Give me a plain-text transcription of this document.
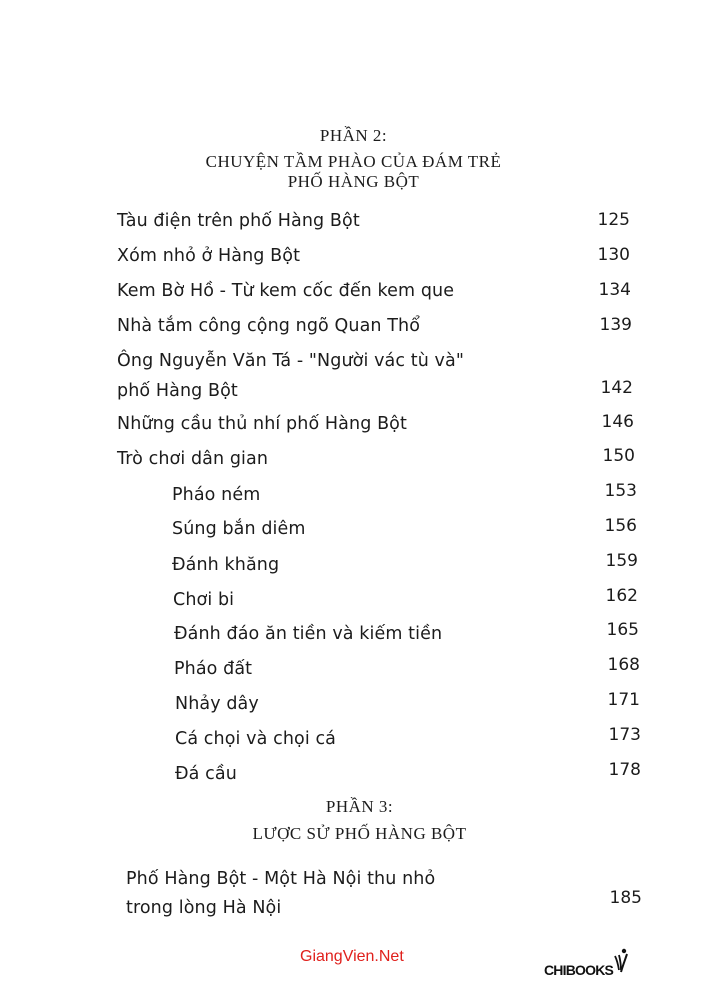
PHẦN 2:
CHUYỆN TẦM PHÀO CỦA ĐÁM TRẺ
PHỐ HÀNG BỘT
Tàu điện trên phố Hàng Bột	125
Xóm nhỏ ở Hàng Bột	130
Kem Bờ Hồ - Từ kem cốc đến kem que	134
Nhà tắm công cộng ngõ Quan Thổ	139
Ông Nguyễn Văn Tá - "Người vác tù và"
phố Hàng Bột	142
Những cầu thủ nhí phố Hàng Bột	146
Trò chơi dân gian	150
Pháo ném	153
Súng bắn diêm	156
Đánh khăng	159
Chơi bi	162
Đánh đáo ăn tiền và kiếm tiền	165
Pháo đất	168
Nhảy dây	171
Cá chọi và chọi cá	173
Đá cầu	178
PHẦN 3:
LƯỢC SỬ PHỐ HÀNG BỘT
Phố Hàng Bột - Một Hà Nội thu nhỏ
trong lòng Hà Nội	185
GiangVien.Net
CHIBOOKS
